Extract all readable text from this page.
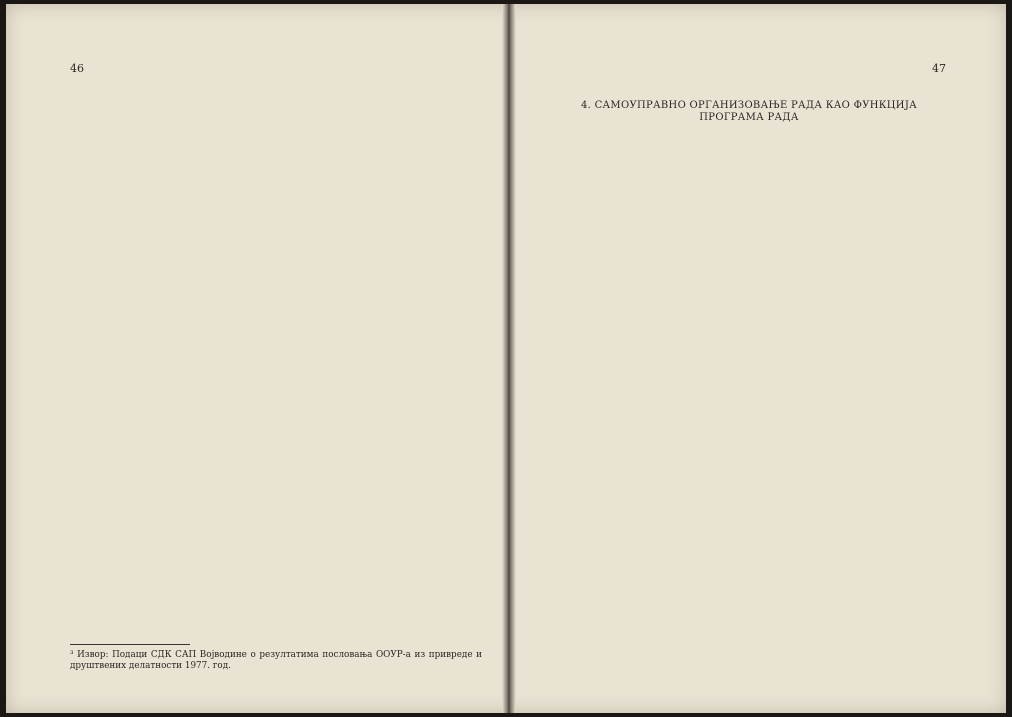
46

³ Извор: Подаци СДК САП Војводине о резултатима пословања ООУР-а из привреде и друштвених делатности 1977. год.
47

4. САМОУПРАВНО ОРГАНИЗОВАЊЕ РАДА КАО ФУНКЦИЈА ПРОГРАМА РАДА
